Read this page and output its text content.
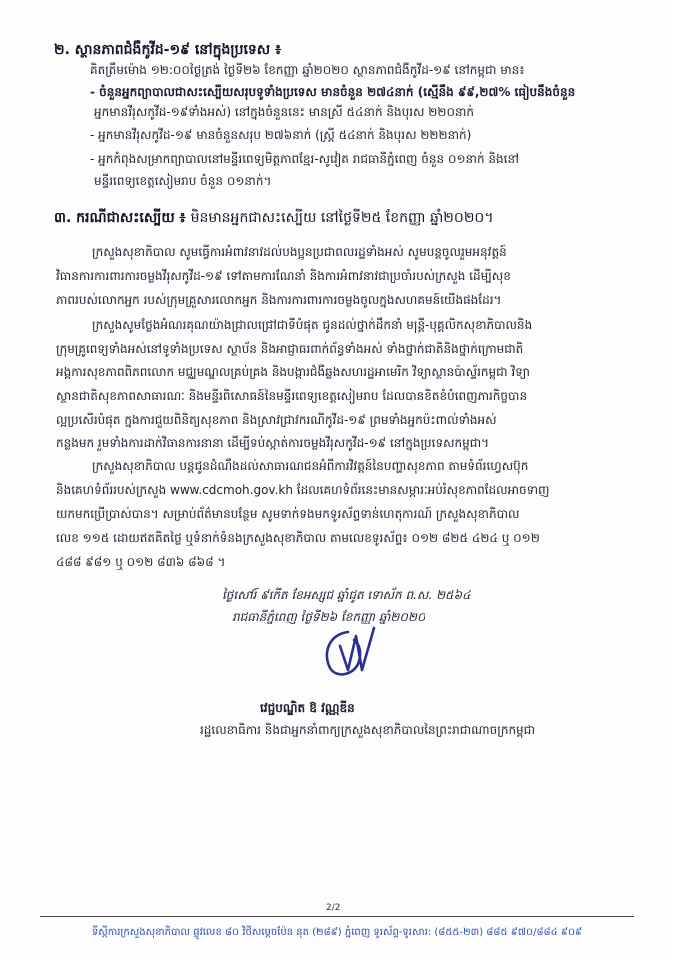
២. ស្ថានភាពជំងឺកូវីដ-១៩ នៅក្នុងប្រទេស ៖
គិតត្រឹមម៉ោង ១២:០០ថ្ងៃត្រង់ ថ្ងៃទី២៦ ខែកញ្ញា ឆ្នាំ២០២០ ស្ថានភាពជំងឺកូវីដ-១៩ នៅកម្ពុជា មាន៖
- ចំនួនអ្នកព្យាបាលជាសះស្បើយសរុបទូទាំងប្រទេស មានចំនួន ២៧៤នាក់ (ស្មើនឹង ៩៩,២៧% ធៀបនឹងចំនួន
អ្នកមានវីរុសកូវីដ-១៩ទាំងអស់) នៅក្នុងចំនួននេះ មានស្រី ៥៤នាក់ និងបុរស ២២០នាក់
- អ្នកមានវីរុសកូវីដ-១៩ មានចំនួនសរុប ២៧៦នាក់ (ស្ត្រី ៥៤នាក់ និងបុរស ២២២នាក់)
- អ្នកកំពុងសម្រាកព្យាបាលនៅមន្ទីរពេទ្យមិត្តភាពខ្មែរ-សូវៀត រាជធានីភ្នំពេញ ចំនួន ០១នាក់ និងនៅ
មន្ទីរពេទ្យខេត្តសៀមរាប ចំនួន ០១នាក់។
៣. ករណីជាសះស្បើយ ៖ មិនមានអ្នកជាសះស្បើយ នៅថ្ងៃទី២៥ ខែកញ្ញា ឆ្នាំ២០២០។
ក្រសួងសុខាភិបាល សូមធ្វើការអំពាវនាវដល់បងប្អូនប្រជាពលរដ្ឋទាំងអស់ សូមបន្តចូលរួមអនុវត្តន៍
វិធានការការពារការចម្លងវីរុសកូវីដ-១៩ ទៅតាមការណែនាំ និងការអំពាវនាវជាប្រចាំរបស់ក្រសួង ដើម្បីសុខ
ភាពរបស់លោកអ្នក របស់ក្រុមគ្រួសារលោកអ្នក និងការការពារការចម្លងចូលក្នុងសហគមន៍យើងផងដែរ។
ក្រសួងសូមថ្លែងអំណរគុណយ៉ាងជ្រាលជ្រៅជាទីបំផុត ជូនដល់ថ្នាក់ដឹកនាំ មន្ត្រី-បុគ្គលិកសុខាភិបាលនិង
ក្រុមគ្រូពេទ្យទាំងអស់នៅទូទាំងប្រទេស ស្ថាប័ន និងអាជ្ញាធរពាក់ព័ន្ធទាំងអស់ ទាំងថ្នាក់ជាតិនិងថ្នាក់ក្រោមជាតិ
អង្គការសុខភាពពិភពលោក មជ្ឈមណ្ឌលគ្រប់គ្រង និងបង្ការជំងឺឆ្លងសហរដ្ឋអាមេរិក វិទ្យាស្ថានប៉ាស្ទ័រកម្ពុជា វិទ្យា
ស្ថានជាតិសុខភាពសាធារណៈ និងមន្ទីរពិសោធន៍នៃមន្ទីរពេទ្យខេត្តសៀមរាប ដែលបានខិតខំបំពេញភារកិច្ចបាន
ល្អប្រសើរបំផុត ក្នុងការជួយពិនិត្យសុខភាព និងស្រាវជ្រាវករណីកូវីដ-១៩ ព្រមទាំងអ្នកប៉ះពាល់ទាំងអស់
កន្លងមក រួមទាំងការដាក់វិធានការនានា ដើម្បីទប់ស្កាត់ការចម្លងវីរុសកូវីដ-១៩ នៅក្នុងប្រទេសកម្ពុជា។
ក្រសួងសុខាភិបាល បន្តជូនដំណឹងដល់សាធារណជនអំពីការវិវត្តន៍នៃបញ្ហាសុខភាព តាមទំព័រហ្វេសប៊ុក
និងគេហទំព័ររបស់ក្រសួង www.cdcmoh.gov.kh ដែលគេហទំព័រនេះមានសម្ភារៈអប់រំសុខភាពដែលអាចទាញ
យកមកប្រើប្រាស់បាន។ សម្រាប់ព័ត៌មានបន្ថែម សូមទាក់ទងមកទូរស័ព្ទទាន់ហេតុការណ៍ ក្រសួងសុខាភិបាល
លេខ ១១៥ ដោយឥតគិតថ្លៃ ឬទំនាក់ទំនងក្រសួងសុខាភិបាល តាមលេខទូរស័ព្ទ៖ ០១២ ៨២៥ ៤២៤ ឬ ០១២
៤៨៨ ៩៨១ ឬ ០១២ ៨៣៦ ៨៦៨ ។
ថ្ងៃសៅរ៍ ៩កើត ខែអស្សុជ ឆ្នាំជូត ទោស័ក ព.ស. ២៥៦៤
រាជធានីភ្នំពេញ ថ្ងៃទី២៦ ខែកញ្ញា ឆ្នាំ២០២០
វេជ្ជបណ្ឌិត ឱ វណ្ណឌីន
រដ្ឋលេខាធិការ និងជាអ្នកនាំពាក្យក្រសួងសុខាភិបាលនៃព្រះរាជាណាចក្រកម្ពុជា
2/2
ទីស្តីការក្រសួងសុខាភិបាល ផ្លូវលេខ ៨០ វិថីសម្តេចប៉ែន នុត (២៨៩) ភ្នំពេញ ទូរស័ព្ទ-ទូរសារ: (៨៥៥-២៣) ៨៨៥ ៩៧០/៨៨៤ ៩០៩
